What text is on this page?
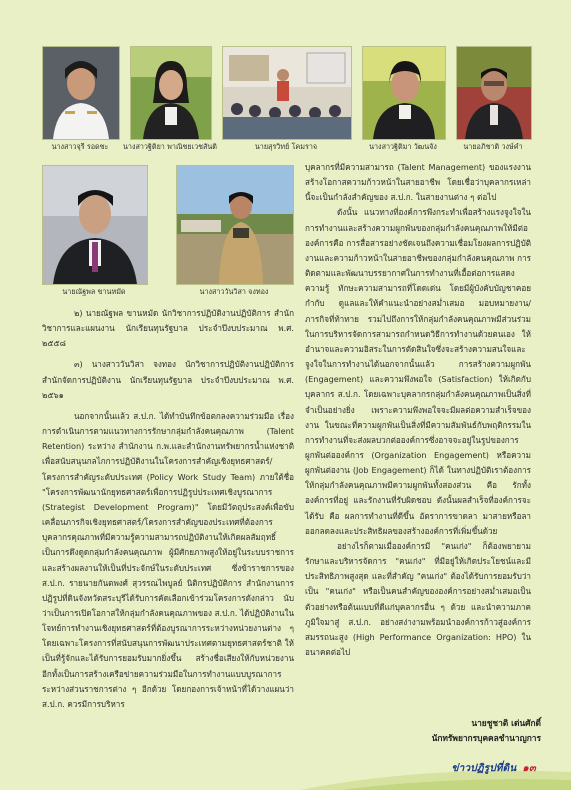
นางสาวจุรี รอดชะ	นางสาวฐิติยา พาณิชยเวชสันติ	นายสุรวิทย์ โคมราจ	นางสาวฐิติมา วัฒนจัง	นายอภิชาติ วงษ์คำ
นายณัฐพล ขานหมัด	นางสาววันวิสา จงทอง

๒) นายณัฐพล ขานหมัด นักวิชาการปฏิบัติงานปฏิบัติการ สำนักวิชาการและแผนงาน นักเรียนทุนรัฐบาล ประจำปีงบประมาณ พ.ศ. ๒๕๕๘

๓) นางสาววันวิสา จงทอง นักวิชาการปฏิบัติงานปฏิบัติการ สำนักจัดการปฏิบัติงาน นักเรียนทุนรัฐบาล ประจำปีงบประมาณ พ.ศ. ๒๕๖๑

นอกจากนั้นแล้ว ส.ป.ก. ได้ทำบันทึกข้อตกลงความร่วมมือ เรื่อง การดำเนินการตามแนวทางการรักษากลุ่มกำลังคนคุณภาพ (Talent Retention) ระหว่าง สำนักงาน ก.พ.และสำนักงานทรัพยากรน้ำแห่งชาติเพื่อสนับสนุนกลไกการปฏิบัติงานในโครงการสำคัญเชิงยุทธศาสตร์/โครงการสำคัญระดับประเทศ (Policy Work Study Team) ภายใต้ชื่อ "โครงการพัฒนานักยุทธศาสตร์เพื่อการปฏิรูปประเทศเชิงบูรณาการ (Strategist Development Program)" โดยมีวัตถุประสงค์เพื่อขับเคลื่อนภารกิจเชิงยุทธศาสตร์/โครงการสำคัญของประเทศที่ต้องการบุคลากรคุณภาพที่มีความรู้ความสามารถปฏิบัติงานให้เกิดผลสัมฤทธิ์ เป็นการดึงดูดกลุ่มกำลังคนคุณภาพ ผู้มีศักยภาพสูงให้อยู่ในระบบราชการและสร้างผลงานให้เป็นที่ประจักษ์ในระดับประเทศ ซึ่งข้าราชการของ ส.ป.ก. รายนายกันตพงศ์ สุวรรณไพบูลย์ นิติกรปฏิบัติการ สำนักงานการปฏิรูปที่ดินจังหวัดสระบุรีได้รับการคัดเลือกเข้าร่วมโครงการดังกล่าว นับว่าเป็นการเปิดโอกาสให้กลุ่มกำลังคนคุณภาพของ ส.ป.ก. ได้ปฏิบัติงานในโจทย์การทำงานเชิงยุทธศาสตร์ที่ต้องบูรณาการระหว่างหน่วยงานต่าง ๆ โดยเฉพาะโครงการที่สนับสนุนการพัฒนาประเทศตามยุทธศาสตร์ชาติ ให้เป็นที่รู้จักและได้รับการยอมรับมากยิ่งขึ้น สร้างชื่อเสียงให้กับหน่วยงาน อีกทั้งเป็นการสร้างเครือข่ายความร่วมมือในการทำงานแบบบูรณาการระหว่างส่วนราชการต่าง ๆ อีกด้วย โดยกองการเจ้าหน้าที่ได้วางแผนว่า ส.ป.ก. ควรมีการบริหาร

บุคลากรที่มีความสามารถ (Talent Management) ของแรงงานสร้างโอกาสความก้าวหน้าในสายอาชีพ โดยเชื่อว่าบุคลากรเหล่านี้จะเป็นกำลังสำคัญของ ส.ป.ก. ในสายงานต่าง ๆ ต่อไป

ดังนั้น แนวทางที่องค์การพึงกระทำเพื่อสร้างแรงจูงใจในการทำงานและสร้างความผูกพันของกลุ่มกำลังคนคุณภาพให้มีต่อองค์การคือ การสื่อสารอย่างชัดเจนถึงความเชื่อมโยงผลการปฏิบัติงานและความก้าวหน้าในสายอาชีพของกลุ่มกำลังคนคุณภาพ การติดตามและพัฒนาบรรยากาศในการทำงานที่เอื้อต่อการแสดงความรู้ ทักษะความสามารถที่โดดเด่น โดยมีผู้บังคับบัญชาคอยกำกับ ดูแลและให้คำแนะนำอย่างสม่ำเสมอ มอบหมายงาน/ภารกิจที่ท้าทาย รวมไปถึงการให้กลุ่มกำลังคนคุณภาพมีส่วนร่วมในการบริหารจัดการสามารถกำหนดวิธีการทำงานด้วยตนเอง ให้อำนาจและความอิสระในการตัดสินใจซึ่งจะสร้างความสนใจและจูงใจในการทำงานได้นอกจากนั้นแล้ว การสร้างความผูกพัน (Engagement) และความพึงพอใจ (Satisfaction) ให้เกิดกับบุคลากร ส.ป.ก. โดยเฉพาะบุคลากรกลุ่มกำลังคนคุณภาพเป็นสิ่งที่จำเป็นอย่างยิ่ง เพราะความพึงพอใจจะมีผลต่อความสำเร็จของงาน ในขณะที่ความผูกพันเป็นสิ่งที่มีความสัมพันธ์กับพฤติกรรมในการทำงานที่จะส่งผลบวกต่อองค์การซึ่งอาจจะอยู่ในรูปของการผูกพันต่อองค์การ (Organization Engagement) หรือความผูกพันต่องาน (Job Engagement) ก็ได้ ในทางปฏิบัติเราต้องการให้กลุ่มกำลังคนคุณภาพมีความผูกพันทั้งสองส่วน คือ รักทั้งองค์การที่อยู่ และรักงานที่รับผิดชอบ ดังนั้นผลสำเร็จที่องค์การจะได้รับ คือ ผลการทำงานที่ดีขึ้น อัตราการขาดลา มาสายหรือลาออกลดลงและประสิทธิผลของสร้างองค์การที่เพิ่มขึ้นด้วย

อย่างไรก็ตามเมื่อองค์การมี "คนเก่ง" ก็ต้องพยายามรักษาและบริหารจัดการ "คนเก่ง" ที่มีอยู่ให้เกิดประโยชน์และมีประสิทธิภาพสูงสุด และที่สำคัญ "คนเก่ง" ต้องได้รับการยอมรับว่าเป็น "คนเก่ง" หรือเป็นคนสำคัญขององค์การอย่างสม่ำเสมอเป็นตัวอย่างหรือต้นแบบที่ดีแก่บุคลากรอื่น ๆ ด้วย และนำความภาคภูมิใจมาสู่ ส.ป.ก. อย่างสง่างามพร้อมนำองค์การก้าวสู่องค์การสมรรถนะสูง (High Performance Organization: HPO) ในอนาคตต่อไป

นายชูชาติ เด่นศักดิ์
นักทรัพยากรบุคคลชำนาญการ
ข่าวปฏิรูปที่ดิน ๑๓
